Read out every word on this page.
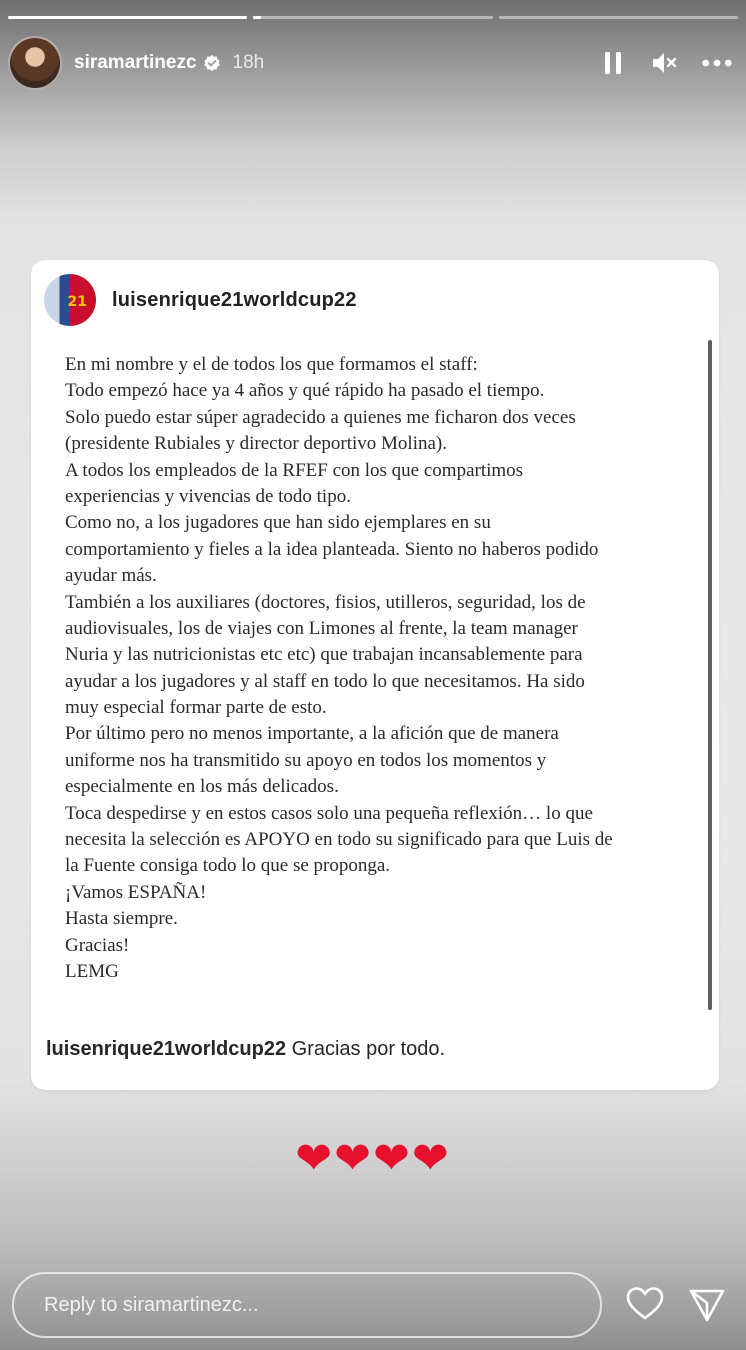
siramartinezc 18h
21 luisenrique21worldcup22
En mi nombre y el de todos los que formamos el staff:
Todo empezó hace ya 4 años y qué rápido ha pasado el tiempo.
Solo puedo estar súper agradecido a quienes me ficharon dos veces
(presidente Rubiales y director deportivo Molina).
A todos los empleados de la RFEF con los que compartimos
experiencias y vivencias de todo tipo.
Como no, a los jugadores que han sido ejemplares en su
comportamiento y fieles a la idea planteada. Siento no haberos podido
ayudar más.
También a los auxiliares (doctores, fisios, utilleros, seguridad, los de
audiovisuales, los de viajes con Limones al frente, la team manager
Nuria y las nutricionistas etc etc) que trabajan incansablemente para
ayudar a los jugadores y al staff en todo lo que necesitamos. Ha sido
muy especial formar parte de esto.
Por último pero no menos importante, a la afición que de manera
uniforme nos ha transmitido su apoyo en todos los momentos y
especialmente en los más delicados.
Toca despedirse y en estos casos solo una pequeña reflexión… lo que
necesita la selección es APOYO en todo su significado para que Luis de
la Fuente consiga todo lo que se proponga.
¡Vamos ESPAÑA!
Hasta siempre.
Gracias!
LEMG
luisenrique21worldcup22 Gracias por todo.
❤❤❤❤
Reply to siramartinezc...
